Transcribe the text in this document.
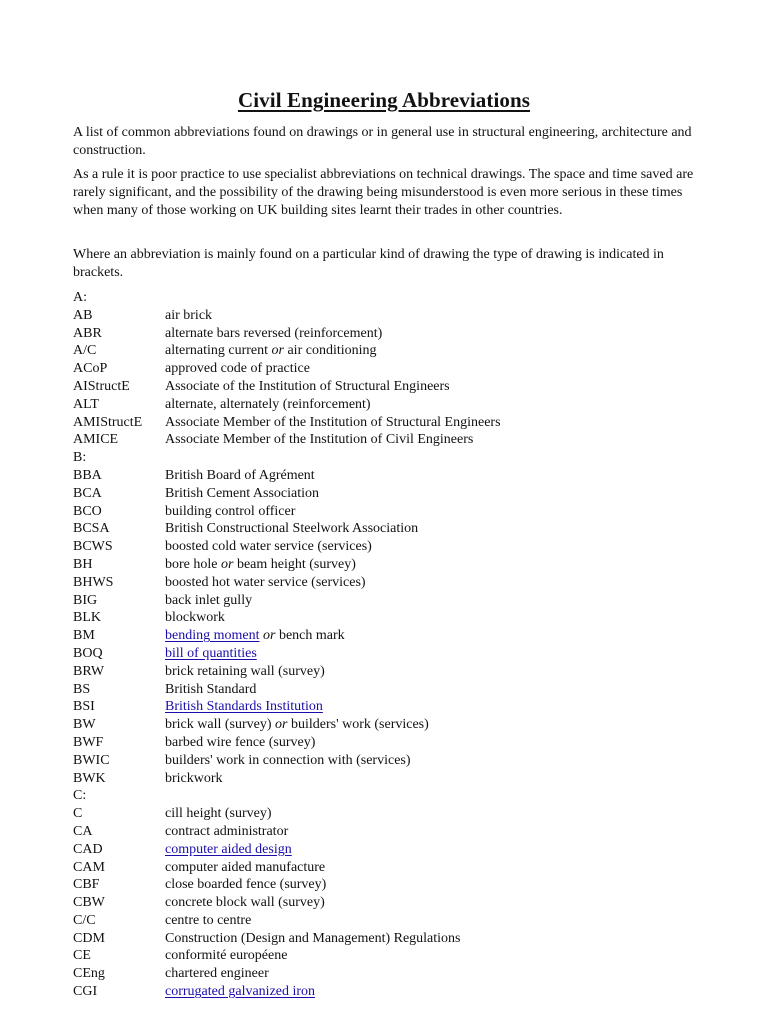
Civil Engineering Abbreviations

A list of common abbreviations found on drawings or in general use in structural engineering, architecture and construction.

As a rule it is poor practice to use specialist abbreviations on technical drawings. The space and time saved are rarely significant, and the possibility of the drawing being misunderstood is even more serious in these times when many of those working on UK building sites learnt their trades in other countries.

Where an abbreviation is mainly found on a particular kind of drawing the type of drawing is indicated in brackets.

A:
AB	air brick
ABR	alternate bars reversed (reinforcement)
A/C	alternating current or air conditioning
ACoP	approved code of practice
AIStructE	Associate of the Institution of Structural Engineers
ALT	alternate, alternately (reinforcement)
AMIStructE	Associate Member of the Institution of Structural Engineers
AMICE	Associate Member of the Institution of Civil Engineers
B:
BBA	British Board of Agrément
BCA	British Cement Association
BCO	building control officer
BCSA	British Constructional Steelwork Association
BCWS	boosted cold water service (services)
BH	bore hole or beam height (survey)
BHWS	boosted hot water service (services)
BIG	back inlet gully
BLK	blockwork
BM	bending moment or bench mark
BOQ	bill of quantities
BRW	brick retaining wall (survey)
BS	British Standard
BSI	British Standards Institution
BW	brick wall (survey) or builders' work (services)
BWF	barbed wire fence (survey)
BWIC	builders' work in connection with (services)
BWK	brickwork
C:
C	cill height (survey)
CA	contract administrator
CAD	computer aided design
CAM	computer aided manufacture
CBF	close boarded fence (survey)
CBW	concrete block wall (survey)
C/C	centre to centre
CDM	Construction (Design and Management) Regulations
CE	conformité européene
CEng	chartered engineer
CGI	corrugated galvanized iron
